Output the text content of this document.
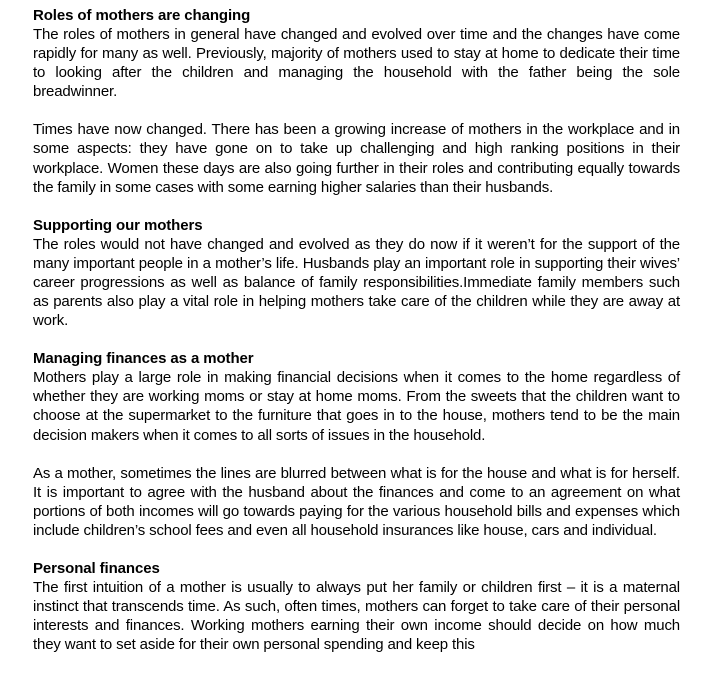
Roles of mothers are changing

The roles of mothers in general have changed and evolved over time and the changes have come rapidly for many as well. Previously, majority of mothers used to stay at home to dedicate their time to looking after the children and managing the household with the father being the sole breadwinner.

Times have now changed. There has been a growing increase of mothers in the workplace and in some aspects: they have gone on to take up challenging and high ranking positions in their workplace. Women these days are also going further in their roles and contributing equally towards the family in some cases with some earning higher salaries than their husbands.

Supporting our mothers

The roles would not have changed and evolved as they do now if it weren’t for the support of the many important people in a mother’s life. Husbands play an important role in supporting their wives’ career progressions as well as balance of family responsibilities.Immediate family members such as parents also play a vital role in helping mothers take care of the children while they are away at work.

Managing finances as a mother

Mothers play a large role in making financial decisions when it comes to the home regardless of whether they are working moms or stay at home moms. From the sweets that the children want to choose at the supermarket to the furniture that goes in to the house, mothers tend to be the main decision makers when it comes to all sorts of issues in the household.

As a mother, sometimes the lines are blurred between what is for the house and what is for herself. It is important to agree with the husband about the finances and come to an agreement on what portions of both incomes will go towards paying for the various household bills and expenses which include children’s school fees and even all household insurances like house, cars and individual.

Personal finances

The first intuition of a mother is usually to always put her family or children first – it is a maternal instinct that transcends time. As such, often times, mothers can forget to take care of their personal interests and finances. Working mothers earning their own income should decide on how much they want to set aside for their own personal spending and keep this
